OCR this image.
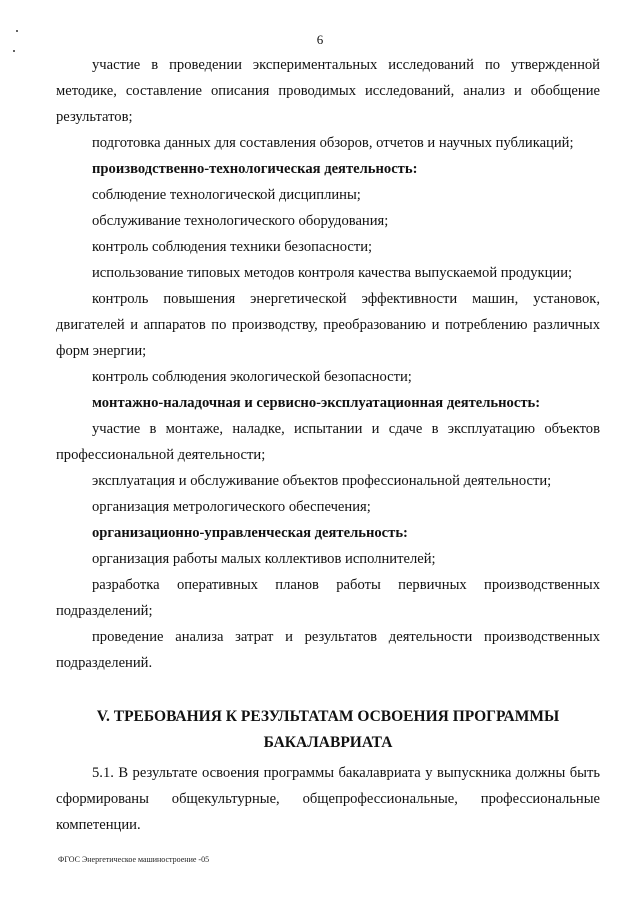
6

участие в проведении экспериментальных исследований по утвержденной методике, составление описания проводимых исследований, анализ и обобщение результатов;

подготовка данных для составления обзоров, отчетов и научных публикаций;

производственно-технологическая деятельность:

соблюдение технологической дисциплины;

обслуживание технологического оборудования;

контроль соблюдения техники безопасности;

использование типовых методов контроля качества выпускаемой продукции;

контроль повышения энергетической эффективности машин, установок, двигателей и аппаратов по производству, преобразованию и потреблению различных форм энергии;

контроль соблюдения экологической безопасности;

монтажно-наладочная и сервисно-эксплуатационная деятельность:

участие в монтаже, наладке, испытании и сдаче в эксплуатацию объектов профессиональной деятельности;

эксплуатация и обслуживание объектов профессиональной деятельности;

организация метрологического обеспечения;

организационно-управленческая деятельность:

организация работы малых коллективов исполнителей;

разработка оперативных планов работы первичных производственных подразделений;

проведение анализа затрат и результатов деятельности производственных подразделений.

V. ТРЕБОВАНИЯ К РЕЗУЛЬТАТАМ ОСВОЕНИЯ ПРОГРАММЫ
БАКАЛАВРИАТА

5.1. В результате освоения программы бакалавриата у выпускника должны быть сформированы общекультурные, общепрофессиональные, профессиональные компетенции.

ФГОС Энергетическое машиностроение -05
